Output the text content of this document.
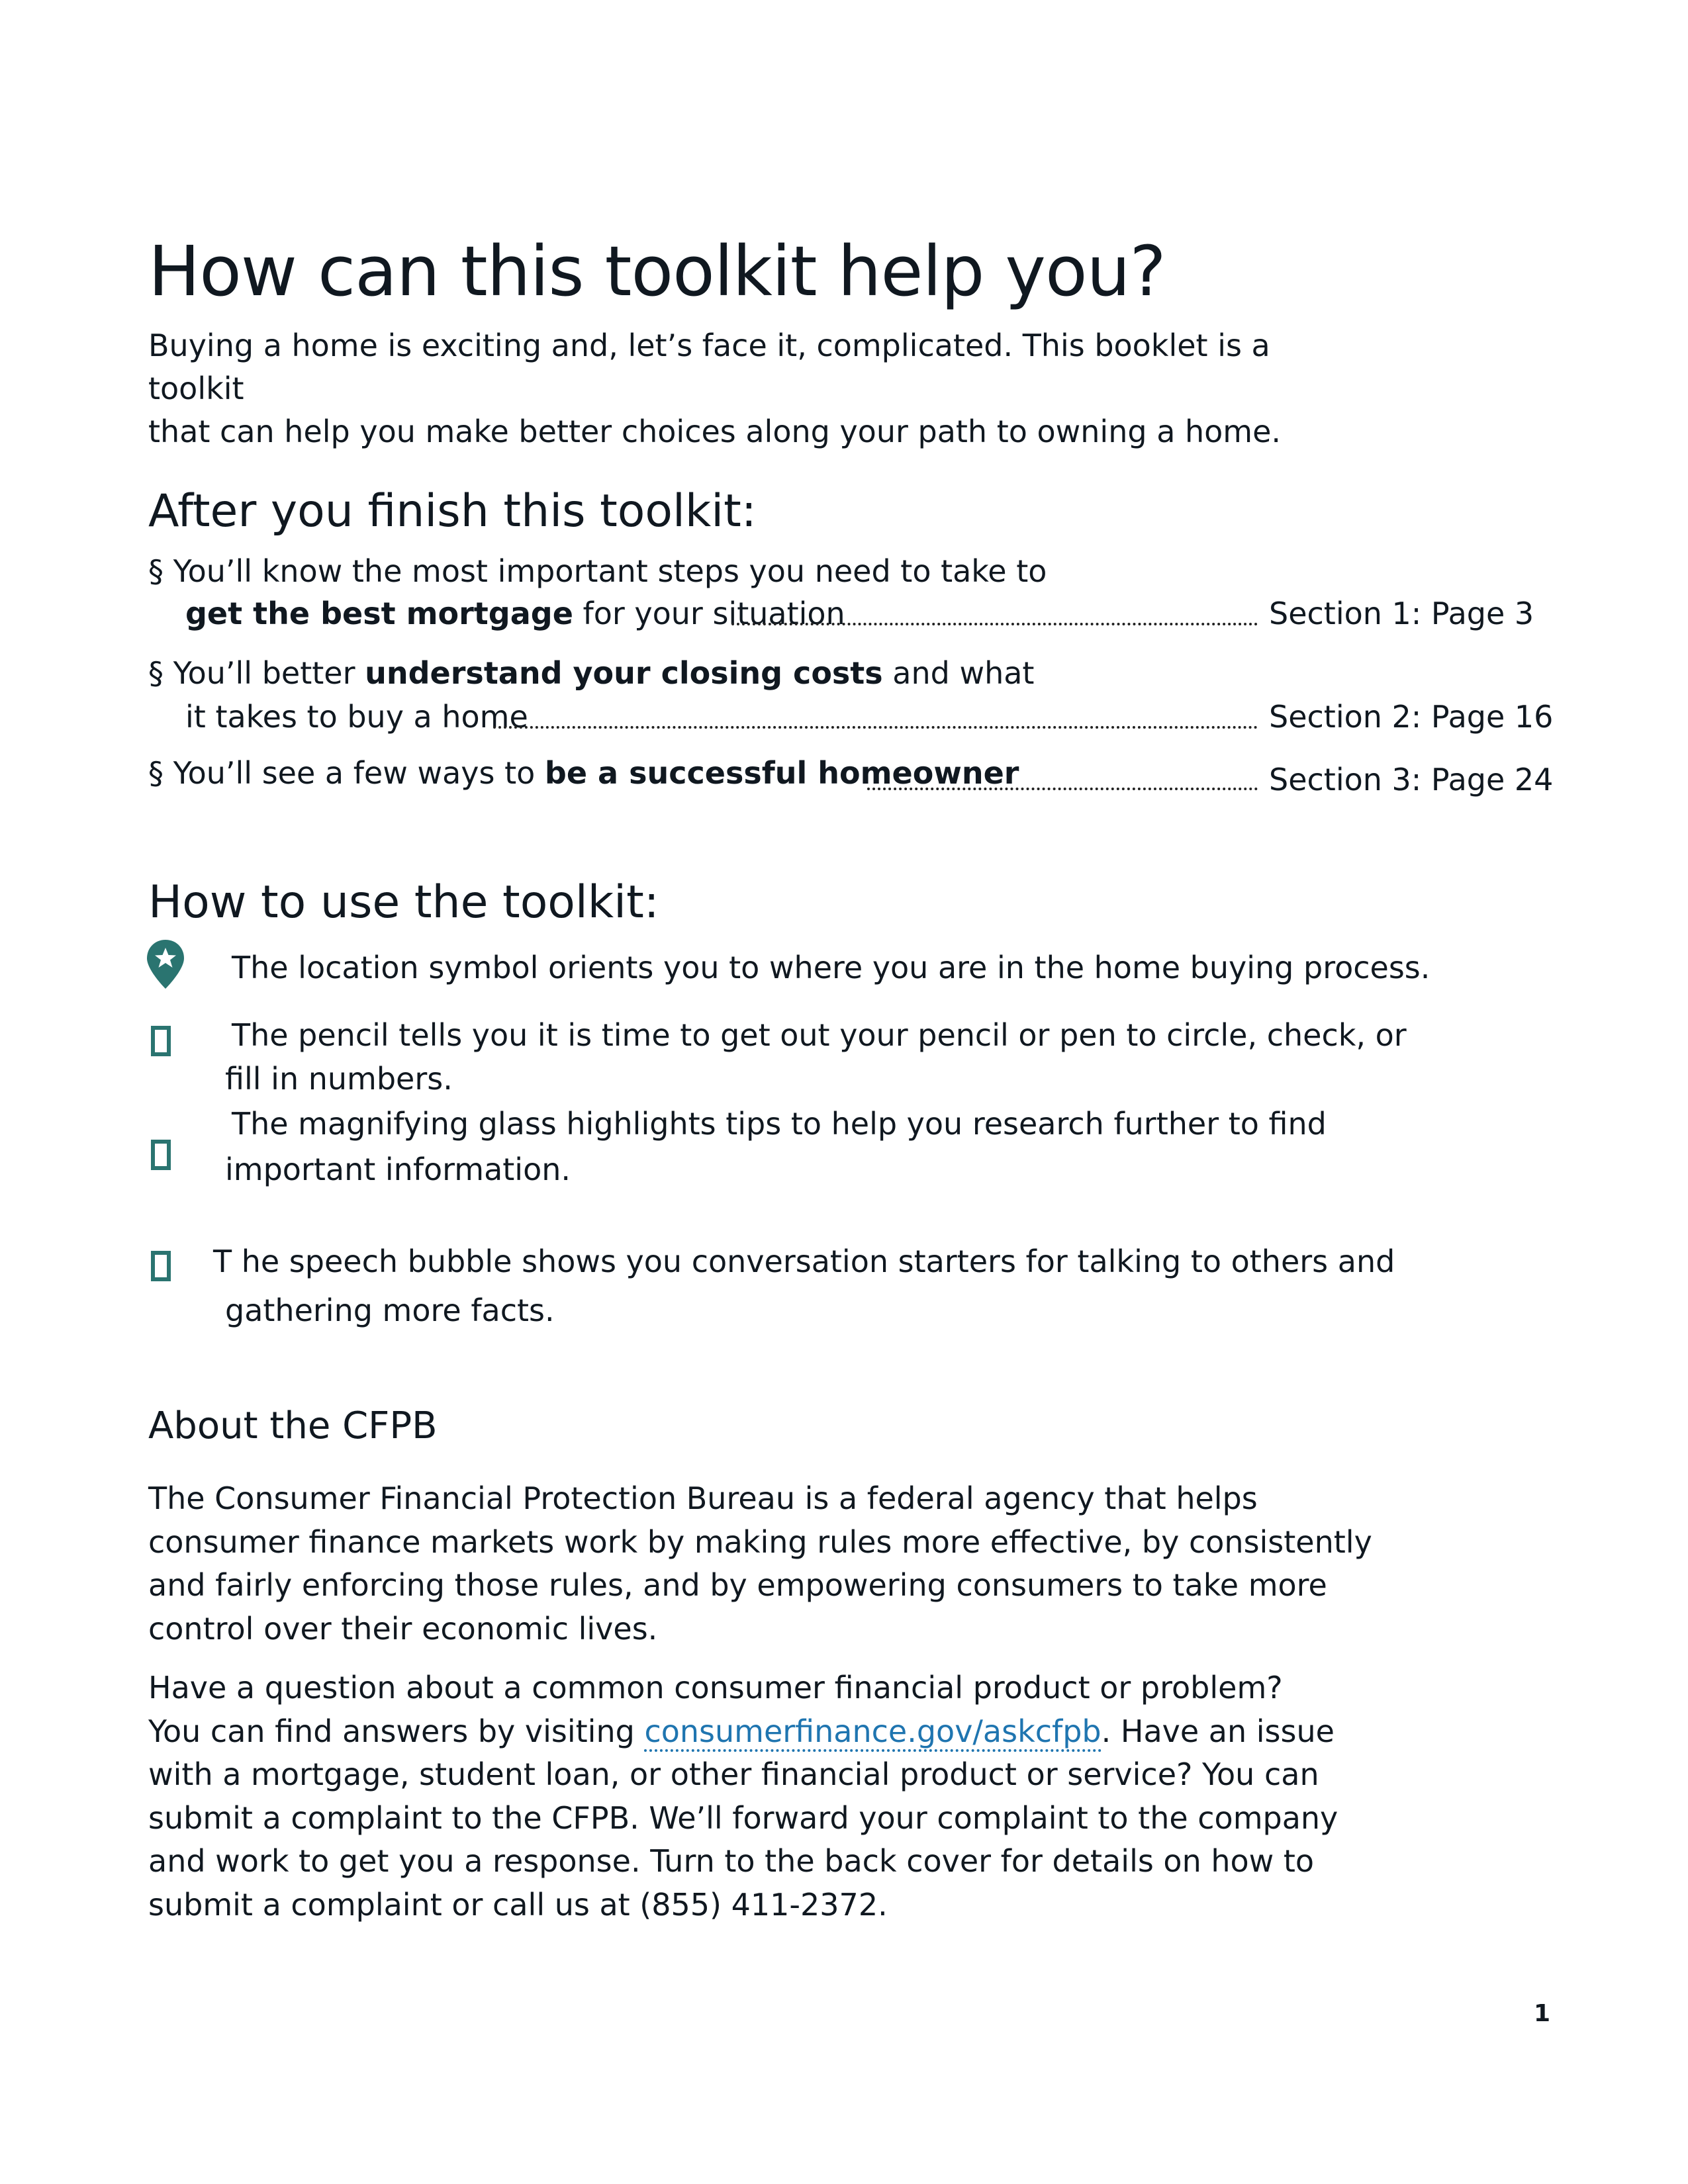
How can this toolkit help you?
Buying a home is exciting and, let’s face it, complicated. This booklet is a toolkit
that can help you make better choices along your path to owning a home.
After you finish this toolkit:
§ You’ll know the most important steps you need to take to
get the best mortgage for your situation	Section 1: Page 3
§ You’ll better understand your closing costs and what
it takes to buy a home	Section 2: Page 16
§ You’ll see a few ways to be a successful homeowner	Section 3: Page 24
How to use the toolkit:
The location symbol orients you to where you are in the home buying process.
The pencil tells you it is time to get out your pencil or pen to circle, check, or
fill in numbers.
The magnifying glass highlights tips to help you research further to find
important information.
T he speech bubble shows you conversation starters for talking to others and
gathering more facts.
About the CFPB
The Consumer Financial Protection Bureau is a federal agency that helps
consumer finance markets work by making rules more effective, by consistently
and fairly enforcing those rules, and by empowering consumers to take more
control over their economic lives.
Have a question about a common consumer financial product or problem?
You can find answers by visiting consumerfinance.gov/askcfpb. Have an issue
with a mortgage, student loan, or other financial product or service? You can
submit a complaint to the CFPB. We’ll forward your complaint to the company
and work to get you a response. Turn to the back cover for details on how to
submit a complaint or call us at (855) 411-2372.
1
